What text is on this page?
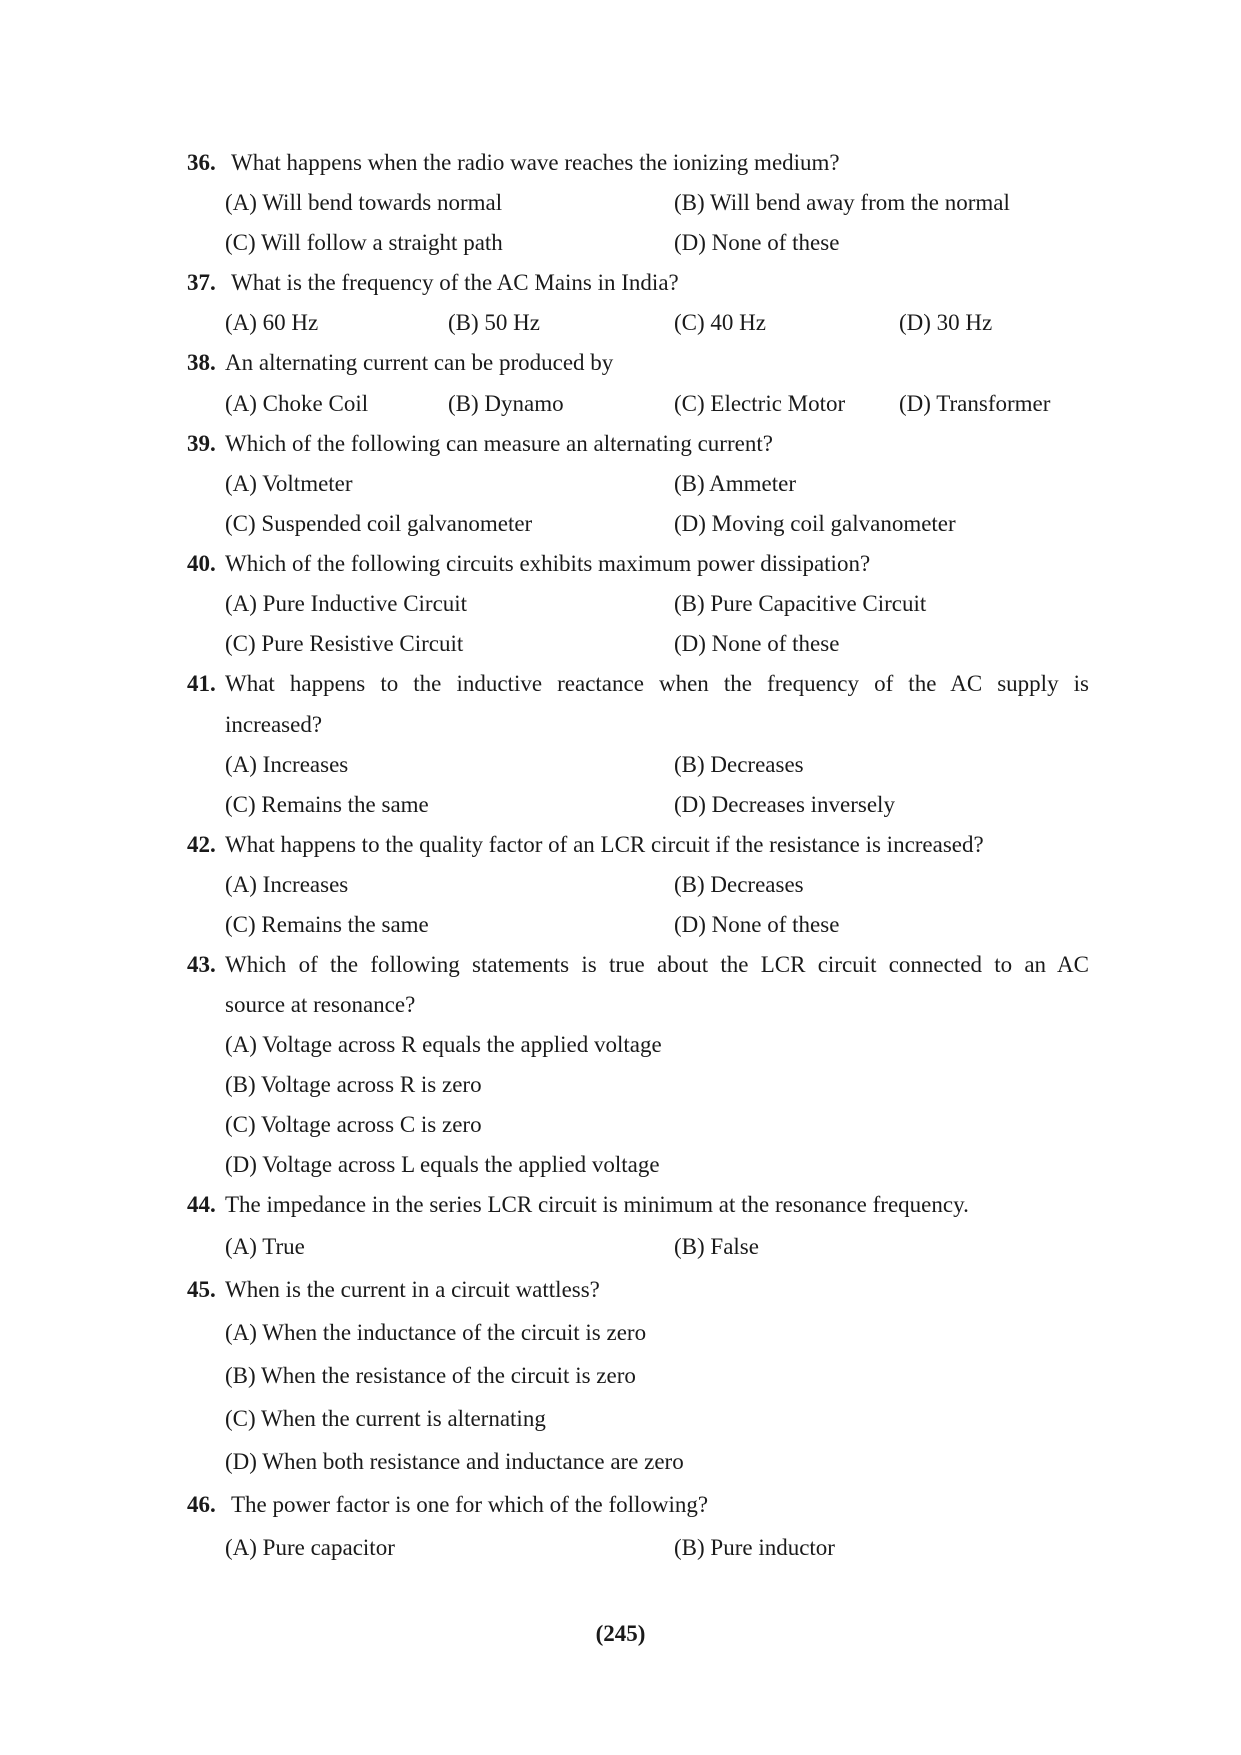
36. What happens when the radio wave reaches the ionizing medium?
(A) Will bend towards normal	(B) Will bend away from the normal
(C) Will follow a straight path	(D) None of these
37. What is the frequency of the AC Mains in India?
(A) 60 Hz	(B) 50 Hz	(C) 40 Hz	(D) 30 Hz
38. An alternating current can be produced by
(A) Choke Coil	(B) Dynamo	(C) Electric Motor (D) Transformer
39. Which of the following can measure an alternating current?
(A) Voltmeter	(B) Ammeter
(C) Suspended coil galvanometer	(D) Moving coil galvanometer
40. Which of the following circuits exhibits maximum power dissipation?
(A) Pure Inductive Circuit	(B) Pure Capacitive Circuit
(C) Pure Resistive Circuit	(D) None of these
41. What happens to the inductive reactance when the frequency of the AC supply is
increased?
(A) Increases	(B) Decreases
(C) Remains the same	(D) Decreases inversely
42. What happens to the quality factor of an LCR circuit if the resistance is increased?
(A) Increases	(B) Decreases
(C) Remains the same	(D) None of these
43. Which of the following statements is true about the LCR circuit connected to an AC
source at resonance?
(A) Voltage across R equals the applied voltage
(B) Voltage across R is zero
(C) Voltage across C is zero
(D) Voltage across L equals the applied voltage
44. The impedance in the series LCR circuit is minimum at the resonance frequency.
(A) True	(B) False
45. When is the current in a circuit wattless?
(A) When the inductance of the circuit is zero
(B) When the resistance of the circuit is zero
(C) When the current is alternating
(D) When both resistance and inductance are zero
46. The power factor is one for which of the following?
(A) Pure capacitor	(B) Pure inductor
(245)
